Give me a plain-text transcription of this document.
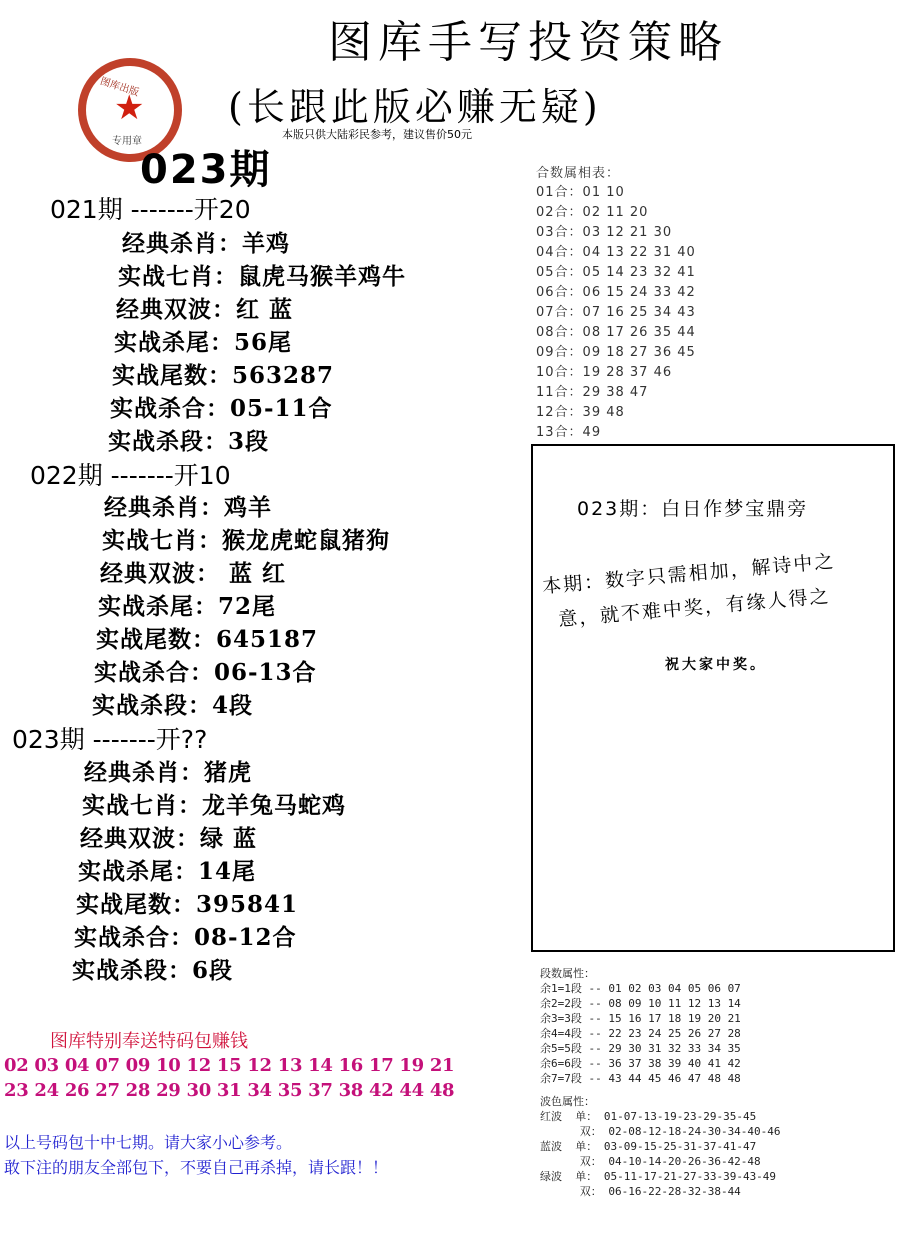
图库手写投资策略
图库出版
★
专用章
(长跟此版必赚无疑)
本版只供大陆彩民参考，建议售价50元
023期
021期 -------开20
经典杀肖：羊鸡
实战七肖：鼠虎马猴羊鸡牛
经典双波：红 蓝
实战杀尾：56尾
实战尾数：563287
实战杀合：05-11合
实战杀段：3段
022期 -------开10
经典杀肖：鸡羊
实战七肖：猴龙虎蛇鼠猪狗
经典双波： 蓝 红
实战杀尾：72尾
实战尾数：645187
实战杀合：06-13合
实战杀段：4段
023期 -------开??
经典杀肖：猪虎
实战七肖：龙羊兔马蛇鸡
经典双波：绿 蓝
实战杀尾：14尾
实战尾数：395841
实战杀合：08-12合
实战杀段：6段
合数属相表：
01合：01 10
02合：02 11 20
03合：03 12 21 30
04合：04 13 22 31 40
05合：05 14 23 32 41
06合：06 15 24 33 42
07合：07 16 25 34 43
08合：08 17 26 35 44
09合：09 18 27 36 45
10合：19 28 37 46
11合：29 38 47
12合：39 48
13合：49
023期：白日作梦宝鼎旁
本期：数字只需相加，解诗中之
意，就不难中奖，有缘人得之
祝大家中奖。
段数属性：
余1=1段 -- 01 02 03 04 05 06 07
余2=2段 -- 08 09 10 11 12 13 14
余3=3段 -- 15 16 17 18 19 20 21
余4=4段 -- 22 23 24 25 26 27 28
余5=5段 -- 29 30 31 32 33 34 35
余6=6段 -- 36 37 38 39 40 41 42
余7=7段 -- 43 44 45 46 47 48 48
波色属性：
红波  单： 01-07-13-19-23-29-35-45
双： 02-08-12-18-24-30-34-40-46
蓝波  单： 03-09-15-25-31-37-41-47
双： 04-10-14-20-26-36-42-48
绿波  单： 05-11-17-21-27-33-39-43-49
双： 06-16-22-28-32-38-44
图库特别奉送特码包赚钱
02 03 04 07 09 10 12 15 12 13 14 16 17 19 21
23 24 26 27 28 29 30 31 34 35 37 38 42 44 48
以上号码包十中七期。请大家小心参考。
敢下注的朋友全部包下，不要自己再杀掉，请长跟！！
